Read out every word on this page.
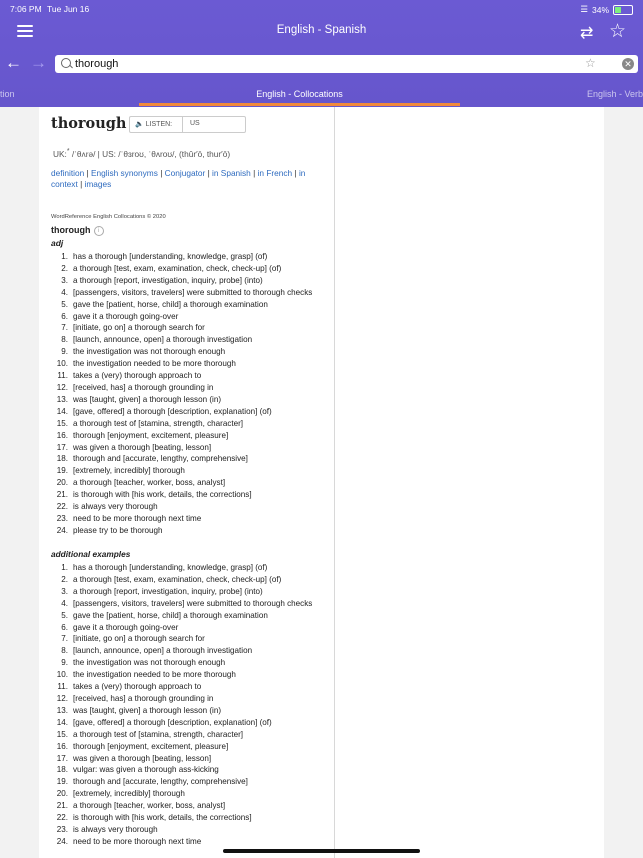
7:06 PM Tue Jun 16	☰ 34%
English - Spanish	⇄ ☆
← →
thorough	☆	✕
tion	English - Collocations	English - Verb
thorough 🔈 LISTEN:	US
UK:* /ˈθʌrə/ | US: /ˈθɜroʊ, ˈθʌroʊ/, (thûr′ō, thur′ō)
definition | English synonyms | Conjugator | in Spanish | in French | in context | images
WordReference English Collocations © 2020
thorough i
adj
1. has a thorough [understanding, knowledge, grasp] (of)
2. a thorough [test, exam, examination, check, check-up] (of)
3. a thorough [report, investigation, inquiry, probe] (into)
4. [passengers, visitors, travelers] were submitted to thorough checks
5. gave the [patient, horse, child] a thorough examination
6. gave it a thorough going-over
7. [initiate, go on] a thorough search for
8. [launch, announce, open] a thorough investigation
9. the investigation was not thorough enough
10. the investigation needed to be more thorough
11. takes a (very) thorough approach to
12. [received, has] a thorough grounding in
13. was [taught, given] a thorough lesson (in)
14. [gave, offered] a thorough [description, explanation] (of)
15. a thorough test of [stamina, strength, character]
16. thorough [enjoyment, excitement, pleasure]
17. was given a thorough [beating, lesson]
18. thorough and [accurate, lengthy, comprehensive]
19. [extremely, incredibly] thorough
20. a thorough [teacher, worker, boss, analyst]
21. is thorough with [his work, details, the corrections]
22. is always very thorough
23. need to be more thorough next time
24. please try to be thorough
additional examples
1. has a thorough [understanding, knowledge, grasp] (of)
2. a thorough [test, exam, examination, check, check-up] (of)
3. a thorough [report, investigation, inquiry, probe] (into)
4. [passengers, visitors, travelers] were submitted to thorough checks
5. gave the [patient, horse, child] a thorough examination
6. gave it a thorough going-over
7. [initiate, go on] a thorough search for
8. [launch, announce, open] a thorough investigation
9. the investigation was not thorough enough
10. the investigation needed to be more thorough
11. takes a (very) thorough approach to
12. [received, has] a thorough grounding in
13. was [taught, given] a thorough lesson (in)
14. [gave, offered] a thorough [description, explanation] (of)
15. a thorough test of [stamina, strength, character]
16. thorough [enjoyment, excitement, pleasure]
17. was given a thorough [beating, lesson]
18. vulgar: was given a thorough ass-kicking
19. thorough and [accurate, lengthy, comprehensive]
20. [extremely, incredibly] thorough
21. a thorough [teacher, worker, boss, analyst]
22. is thorough with [his work, details, the corrections]
23. is always very thorough
24. need to be more thorough next time
